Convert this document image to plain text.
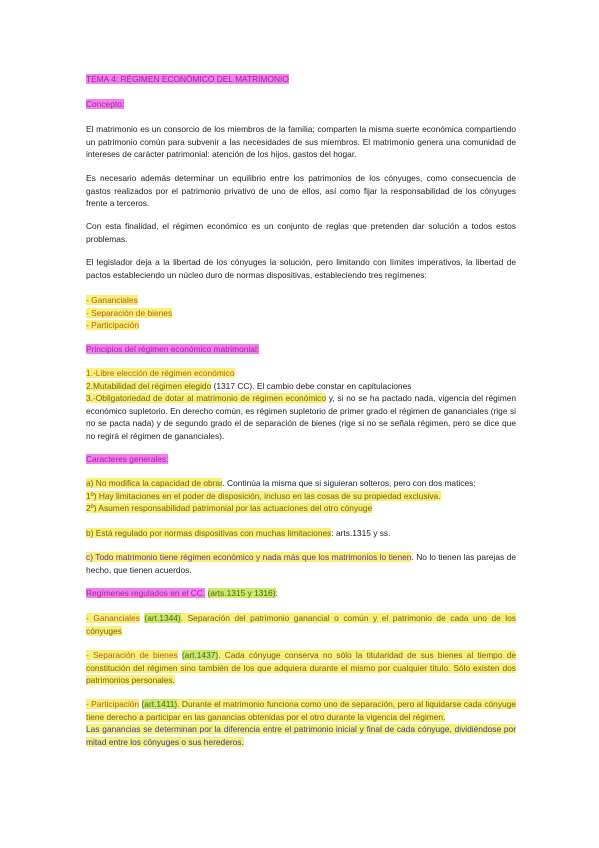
TEMA 4: RÉGIMEN ECONÓMICO DEL MATRIMONIO

Concepto:

El matrimonio es un consorcio de los miembros de la familia; comparten la misma suerte económica compartiendo un patrimonio común para subvenir a las necesidades de sus miembros. El matrimonio genera una comunidad de intereses de carácter patrimonial: atención de los hijos, gastos del hogar.

Es necesario además determinar un equilibrio entre los patrimonios de los cónyuges, como consecuencia de gastos realizados por el patrimonio privativo de uno de ellos, así como fijar la responsabilidad de los cónyuges frente a terceros.

Con esta finalidad, el régimen económico es un conjunto de reglas que pretenden dar solución a todos estos problemas.

El legislador deja a la libertad de los cónyuges la solución, pero limitando con límites imperativos, la libertad de pactos estableciendo un núcleo duro de normas dispositivas, estableciendo tres regímenes:

- Gananciales
- Separación de bienes
- Participación

Principios del régimen económico matrimonial:

1.-Libre elección de régimen económico
2.Mutabilidad del régimen elegido (1317 CC). El cambio debe constar en capitulaciones
3.-Obligatoriedad de dotar al matrimonio de régimen económico y, si no se ha pactado nada, vigencia del régimen económico supletorio. En derecho común, es régimen supletorio de primer grado el régimen de gananciales (rige si no se pacta nada) y de segundo grado el de separación de bienes (rige si no se señala régimen, pero se dice que no regirá el régimen de gananciales).

Caracteres generales:

a) No modifica la capacidad de obrar. Continúa la misma que si siguieran solteros, pero con dos matices:
1º) Hay limitaciones en el poder de disposición, incluso en las cosas de su propiedad exclusiva.
2º) Asumen responsabilidad patrimonial por las actuaciones del otro cónyuge

b) Está regulado por normas dispositivas con muchas limitaciones: arts.1315 y ss.

c) Todo matrimonio tiene régimen económico y nada más que los matrimonios lo tienen. No lo tienen las parejas de hecho, que tienen acuerdos.

Regímenes regulados en el CC. (arts.1315 y 1316):

- Gananciales (art.1344). Separación del patrimonio ganancial o común y el patrimonio de cada uno de los cónyuges

- Separación de bienes (art.1437). Cada cónyuge conserva no sólo la titularidad de sus bienes al tiempo de constitución del régimen sino también de los que adquiera durante el mismo por cualquier título. Sólo existen dos patrimonios personales.

- Participación (art.1411). Durante el matrimonio funciona como uno de separación, pero al liquidarse cada cónyuge tiene derecho a participar en las ganancias obtenidas por el otro durante la vigencia del régimen.
Las ganancias se determinan por la diferencia entre el patrimonio inicial y final de cada cónyuge, dividiéndose por mitad entre los cónyuges o sus herederos.
